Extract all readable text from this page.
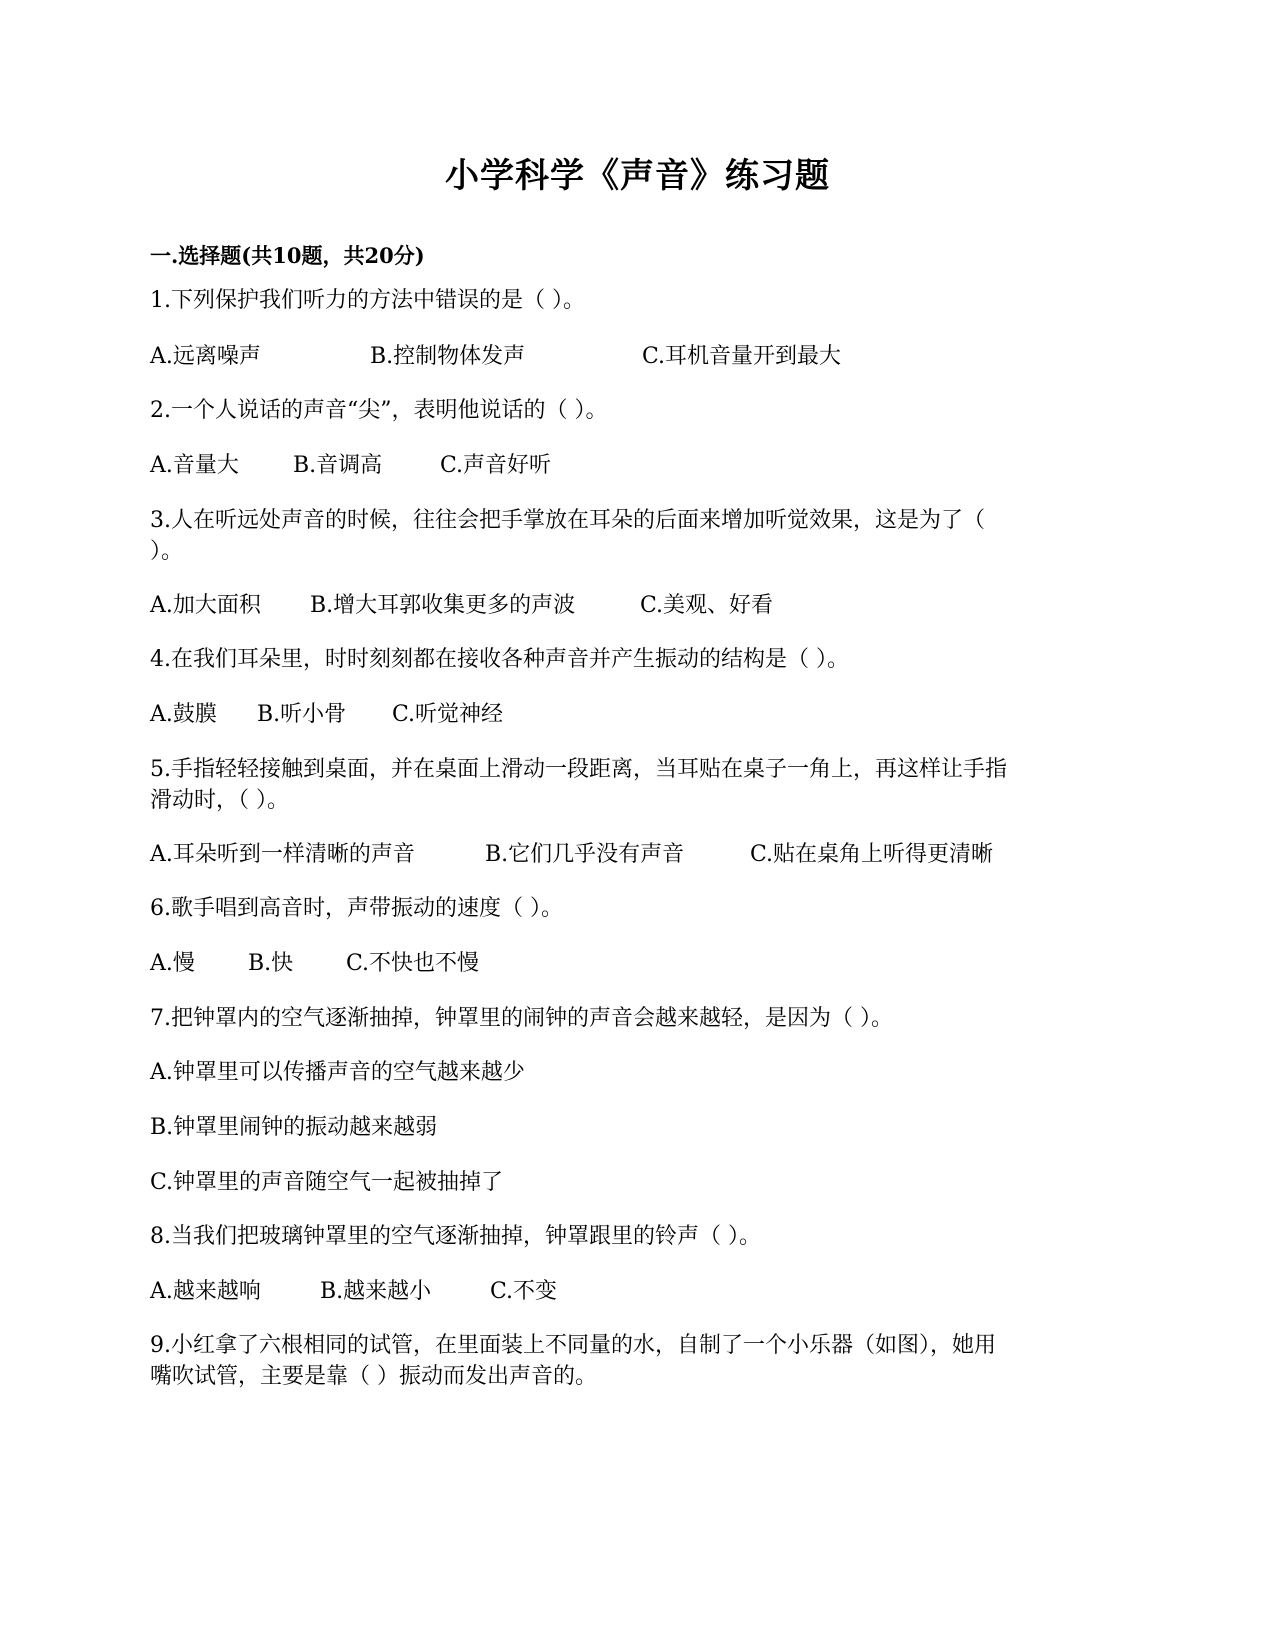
小学科学《声音》练习题
一.选择题(共10题，共20分)
1.下列保护我们听力的方法中错误的是（ ）。
A.远离噪声	B.控制物体发声	C.耳机音量开到最大
2.一个人说话的声音“尖”，表明他说话的（ ）。
A.音量大 B.音调高	C.声音好听
3.人在听远处声音的时候，往往会把手掌放在耳朵的后面来增加听觉效果，这是为了（
）。
A.加大面积 B.增大耳郭收集更多的声波	C.美观、好看
4.在我们耳朵里，时时刻刻都在接收各种声音并产生振动的结构是（ ）。
A.鼓膜 B.听小骨 C.听觉神经
5.手指轻轻接触到桌面，并在桌面上滑动一段距离，当耳贴在桌子一角上，再这样让手指
滑动时，（ ）。
A.耳朵听到一样清晰的声音	B.它们几乎没有声音	C.贴在桌角上听得更清晰
6.歌手唱到高音时，声带振动的速度（ ）。
A.慢 B.快 C.不快也不慢
7.把钟罩内的空气逐渐抽掉，钟罩里的闹钟的声音会越来越轻，是因为（ ）。
A.钟罩里可以传播声音的空气越来越少
B.钟罩里闹钟的振动越来越弱
C.钟罩里的声音随空气一起被抽掉了
8.当我们把玻璃钟罩里的空气逐渐抽掉，钟罩跟里的铃声（ ）。
A.越来越响	B.越来越小	C.不变
9.小红拿了六根相同的试管，在里面装上不同量的水，自制了一个小乐器（如图），她用
嘴吹试管，主要是靠（ ）振动而发出声音的。
